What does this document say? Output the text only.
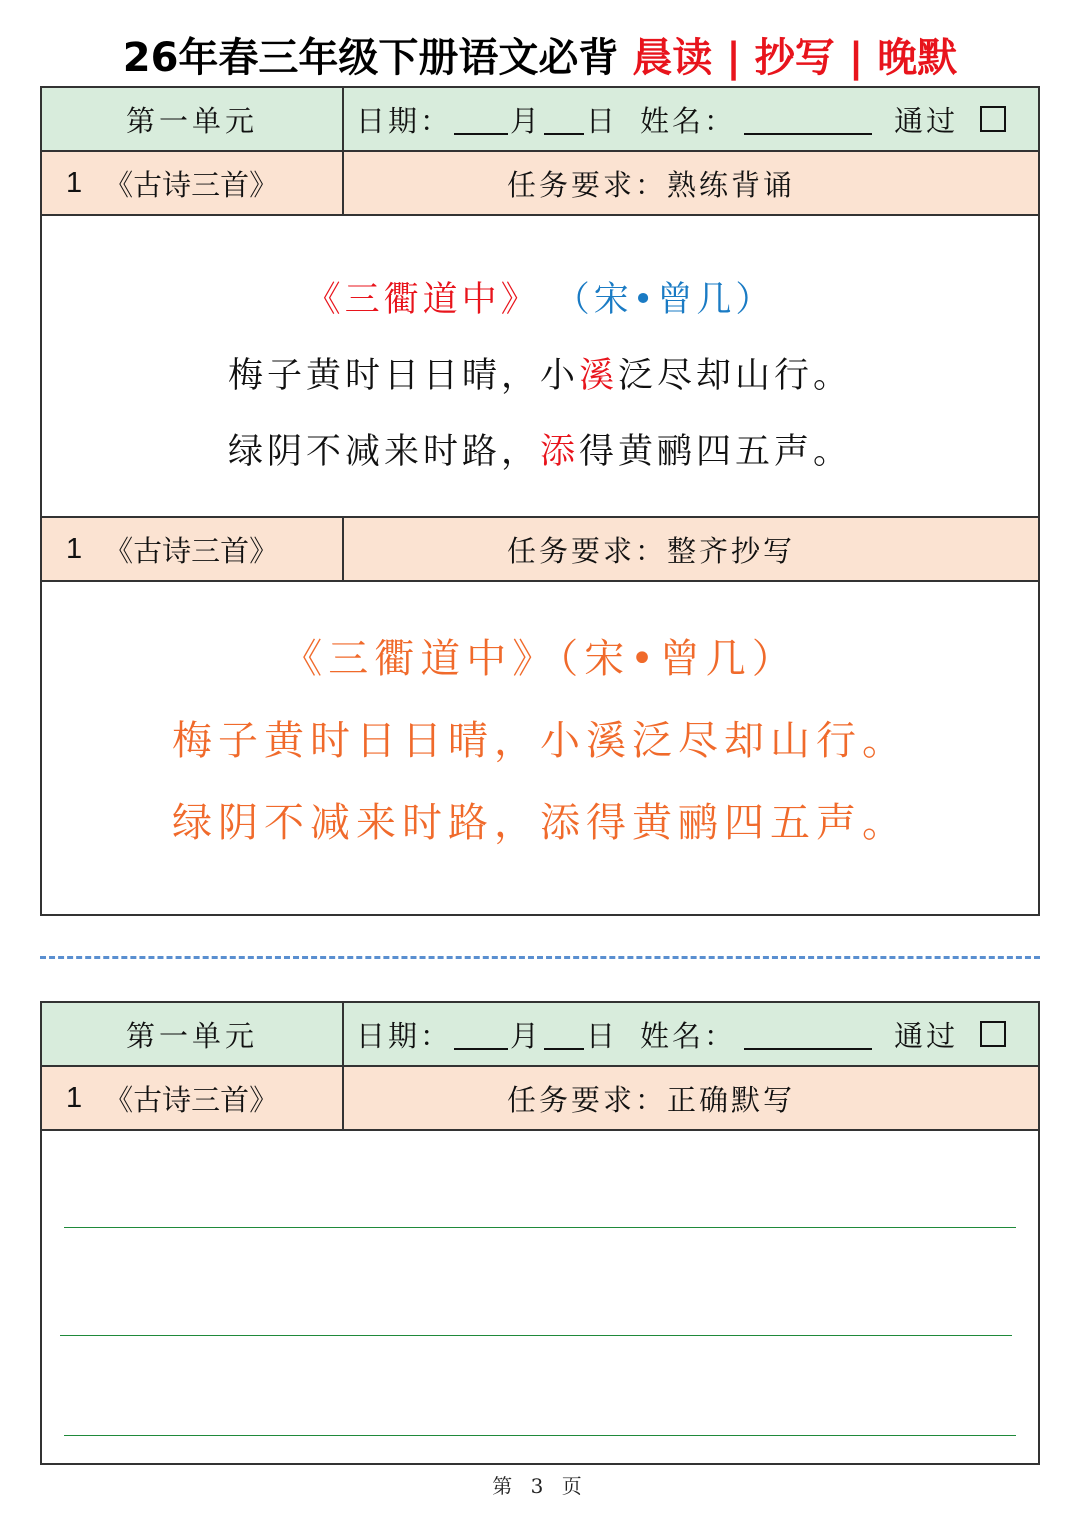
26年春三年级下册语文必背 晨读 | 抄写 | 晚默
第一单元	日期： 月 日 姓名：	通过
1 《古诗三首》	任务要求：熟练背诵
《三衢道中》 （宋•曾几）
梅子黄时日日晴，小溪泛尽却山行。
绿阴不减来时路，添得黄鹂四五声。
1 《古诗三首》	任务要求：整齐抄写
《三衢道中》（宋•曾几）
梅子黄时日日晴，小溪泛尽却山行。
绿阴不减来时路，添得黄鹂四五声。
第一单元	日期： 月 日 姓名：	通过
1 《古诗三首》	任务要求：正确默写
第 3 页
